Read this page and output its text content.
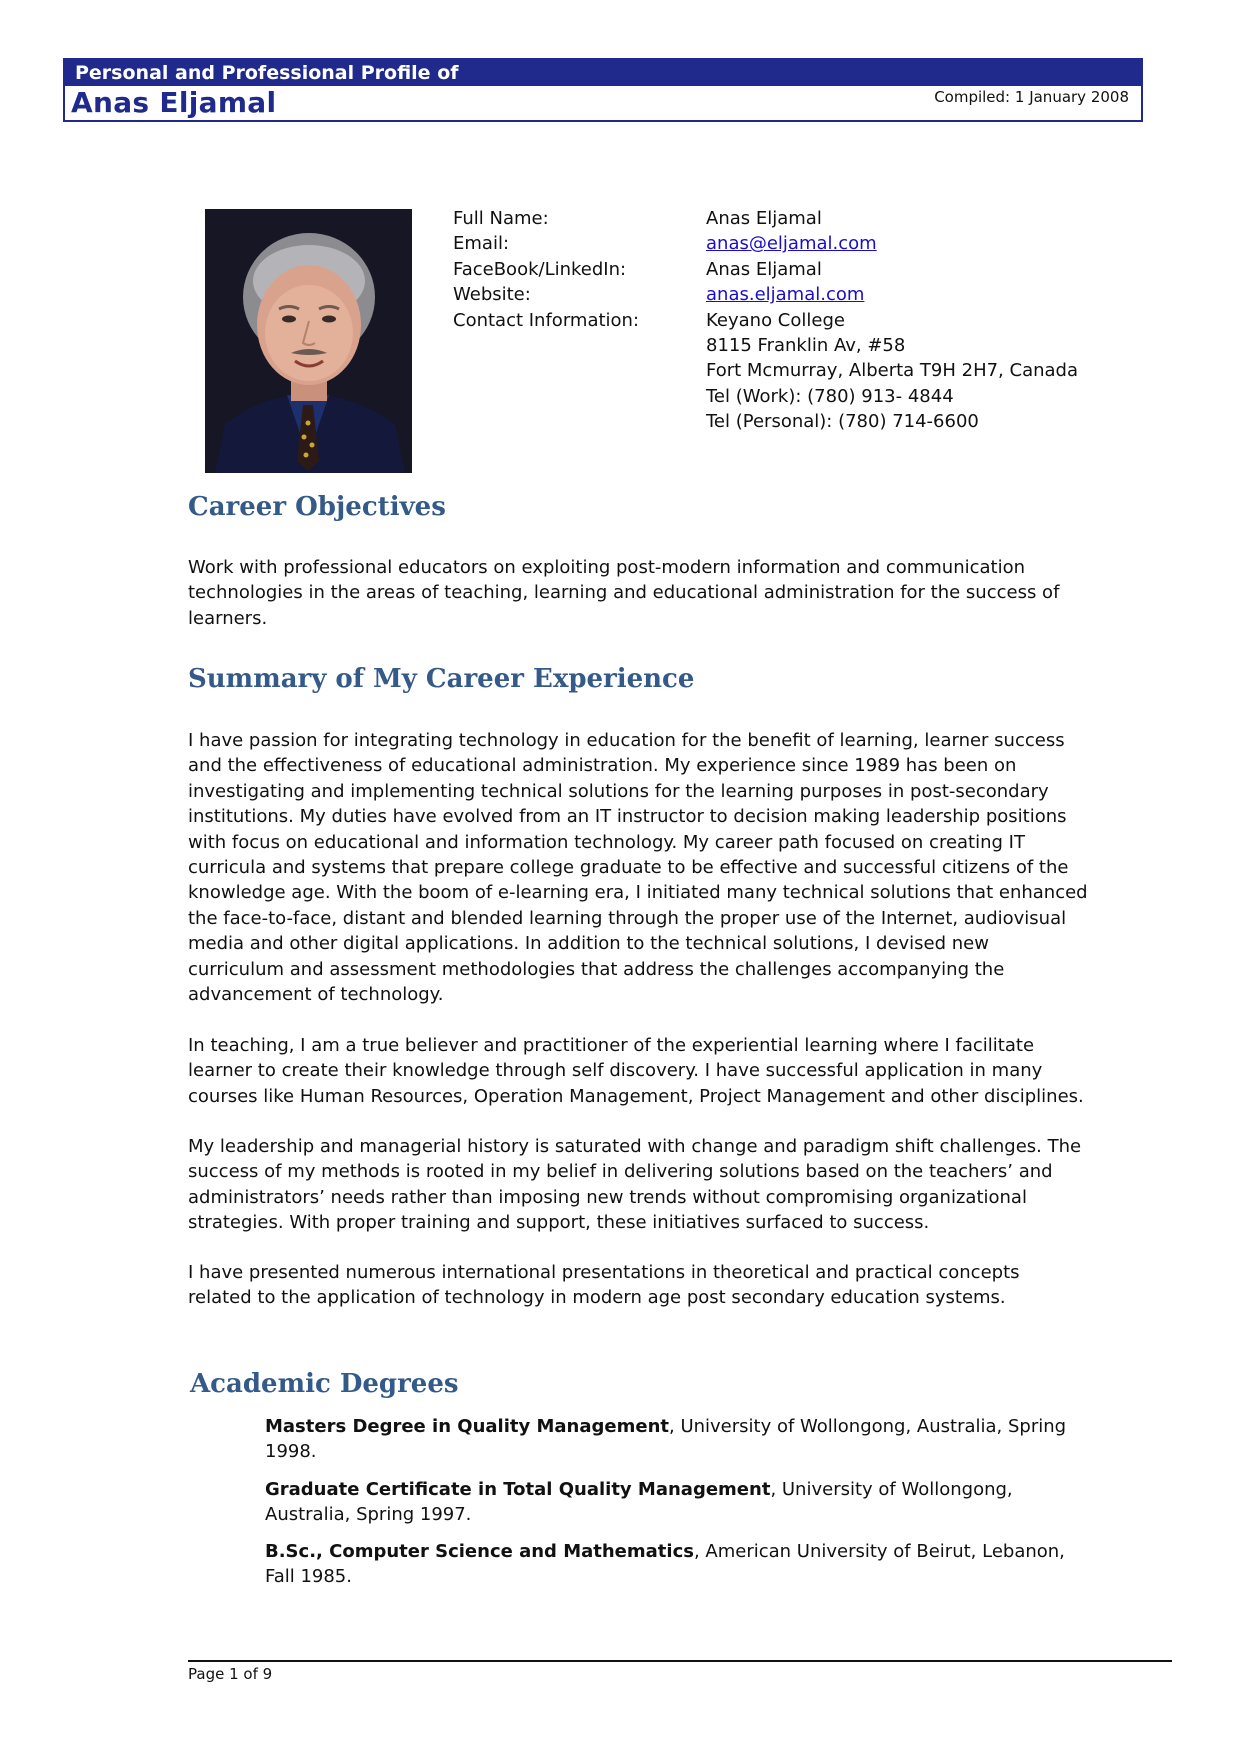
Personal and Professional Profile of
Anas Eljamal	Compiled: 1 January 2008
Full Name:	Anas Eljamal
Email:	anas@eljamal.com
FaceBook/LinkedIn:	Anas Eljamal
Website:	anas.eljamal.com
Contact Information:	Keyano College
8115 Franklin Av, #58
Fort Mcmurray, Alberta T9H 2H7, Canada
Tel (Work): (780) 913- 4844
Tel (Personal): (780) 714-6600
Career Objectives
Work with professional educators on exploiting post-modern information and communication technologies in the areas of teaching, learning and educational administration for the success of learners.
Summary of My Career Experience
I have passion for integrating technology in education for the benefit of learning, learner success and the effectiveness of educational administration. My experience since 1989 has been on investigating and implementing technical solutions for the learning purposes in post-secondary institutions. My duties have evolved from an IT instructor to decision making leadership positions with focus on educational and information technology. My career path focused on creating IT curricula and systems that prepare college graduate to be effective and successful citizens of the knowledge age. With the boom of e-learning era, I initiated many technical solutions that enhanced the face-to-face, distant and blended learning through the proper use of the Internet, audiovisual media and other digital applications. In addition to the technical solutions, I devised new curriculum and assessment methodologies that address the challenges accompanying the advancement of technology.
In teaching, I am a true believer and practitioner of the experiential learning where I facilitate learner to create their knowledge through self discovery. I have successful application in many courses like Human Resources, Operation Management, Project Management and other disciplines.
My leadership and managerial history is saturated with change and paradigm shift challenges. The success of my methods is rooted in my belief in delivering solutions based on the teachers’ and administrators’ needs rather than imposing new trends without compromising organizational strategies. With proper training and support, these initiatives surfaced to success.
I have presented numerous international presentations in theoretical and practical concepts related to the application of technology in modern age post secondary education systems.
Academic Degrees
Masters Degree in Quality Management, University of Wollongong, Australia, Spring 1998.
Graduate Certificate in Total Quality Management, University of Wollongong, Australia, Spring 1997.
B.Sc., Computer Science and Mathematics, American University of Beirut, Lebanon, Fall 1985.
Page 1 of 9
